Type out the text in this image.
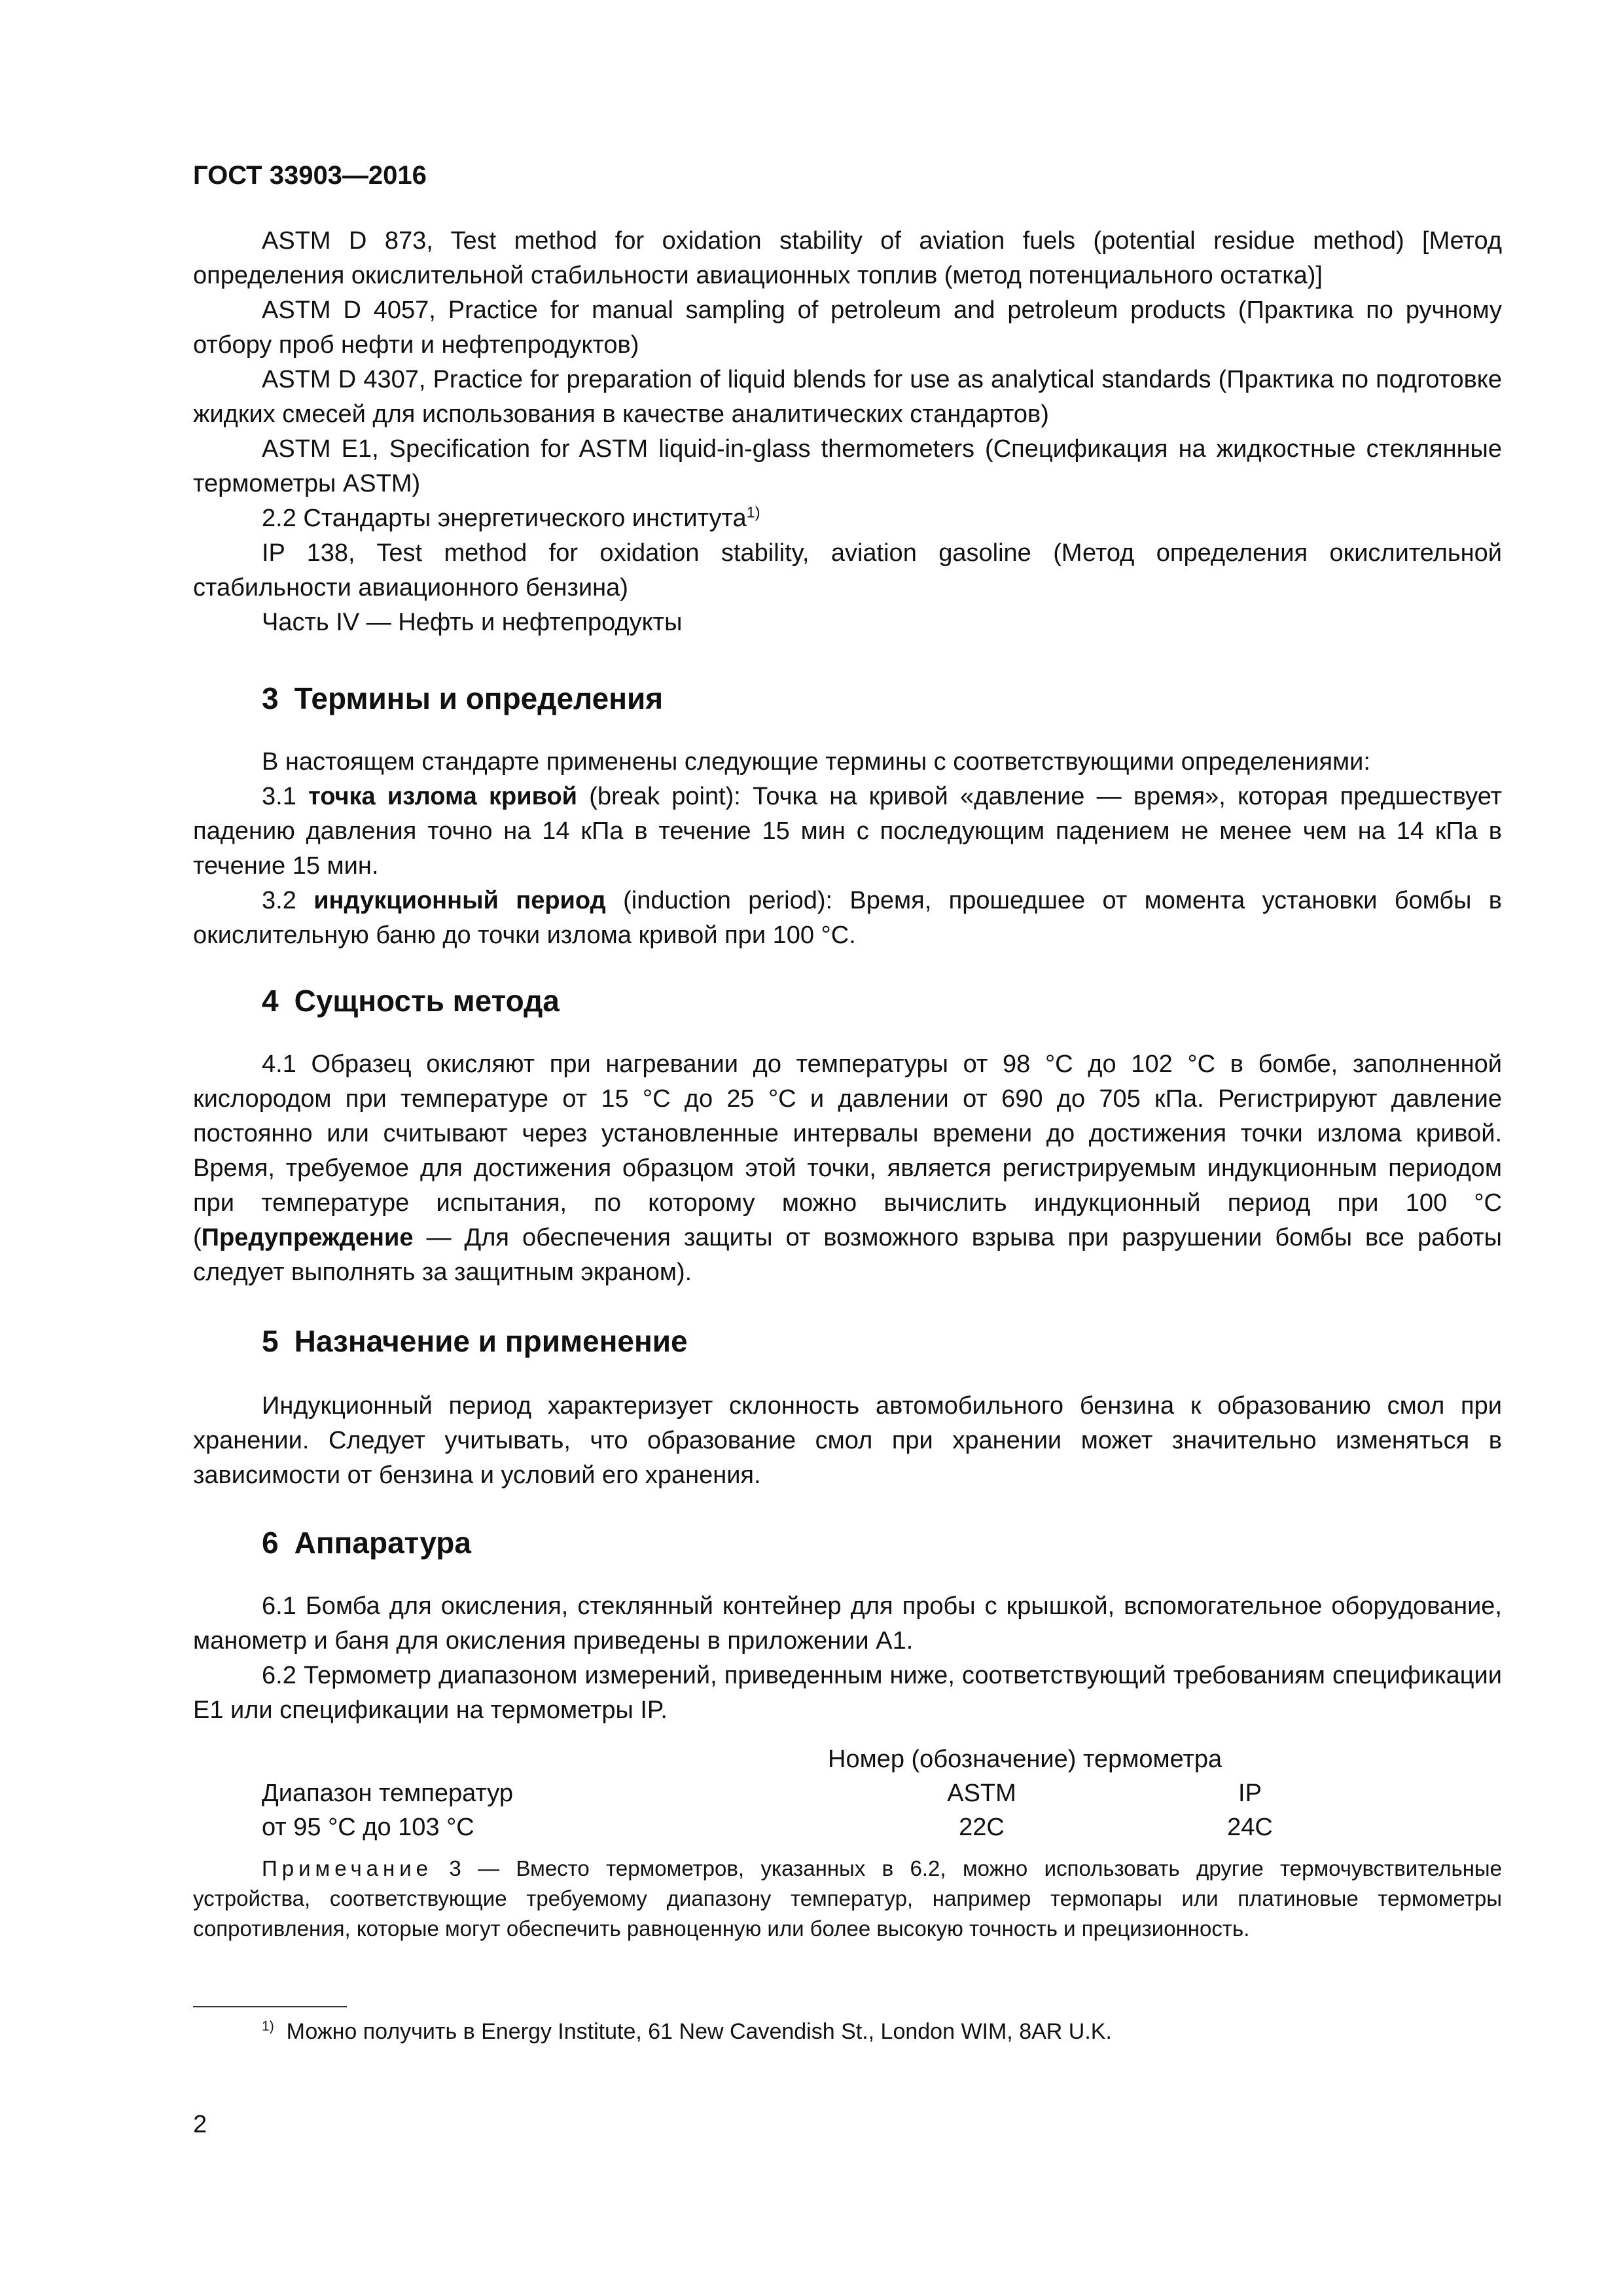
ГОСТ 33903—2016

ASTM D 873, Test method for oxidation stability of aviation fuels (potential residue method) [Метод определения окислительной стабильности авиационных топлив (метод потенциального остатка)]

ASTM D 4057, Practice for manual sampling of petroleum and petroleum products (Практика по ручному отбору проб нефти и нефтепродуктов)

ASTM D 4307, Practice for preparation of liquid blends for use as analytical standards (Практика по подготовке жидких смесей для использования в качестве аналитических стандартов)

ASTM E1, Specification for ASTM liquid-in-glass thermometers (Спецификация на жидкостные стеклянные термометры ASTM)

2.2 Стандарты энергетического института$^{1)}$

IP 138, Test method for oxidation stability, aviation gasoline (Метод определения окислительной стабильности авиационного бензина)

Часть IV — Нефть и нефтепродукты

3 Термины и определения

В настоящем стандарте применены следующие термины с соответствующими определениями:

3.1 точка излома кривой (break point): Точка на кривой «давление — время», которая предшествует падению давления точно на 14 кПа в течение 15 мин с последующим падением не менее чем на 14 кПа в течение 15 мин.

3.2 индукционный период (induction period): Время, прошедшее от момента установки бомбы в окислительную баню до точки излома кривой при 100 °С.

4 Сущность метода

4.1 Образец окисляют при нагревании до температуры от 98 °С до 102 °С в бомбе, заполненной кислородом при температуре от 15 °С до 25 °С и давлении от 690 до 705 кПа. Регистрируют давление постоянно или считывают через установленные интервалы времени до достижения точки излома кривой. Время, требуемое для достижения образцом этой точки, является регистрируемым индукционным периодом при температуре испытания, по которому можно вычислить индукционный период при 100 °С (Предупреждение — Для обеспечения защиты от возможного взрыва при разрушении бомбы все работы следует выполнять за защитным экраном).

5 Назначение и применение

Индукционный период характеризует склонность автомобильного бензина к образованию смол при хранении. Следует учитывать, что образование смол при хранении может значительно изменяться в зависимости от бензина и условий его хранения.

6 Аппаратура

6.1 Бомба для окисления, стеклянный контейнер для пробы с крышкой, вспомогательное оборудование, манометр и баня для окисления приведены в приложении А1.

6.2 Термометр диапазоном измерений, приведенным ниже, соответствующий требованиям спецификации Е1 или спецификации на термометры IP.

Номер (обозначение) термометра
Диапазон температур	ASTM	IP
от 95 °С до 103 °С	22С	24С

Примечание 3 — Вместо термометров, указанных в 6.2, можно использовать другие термочувствительные устройства, соответствующие требуемому диапазону температур, например термопары или платиновые термометры сопротивления, которые могут обеспечить равноценную или более высокую точность и прецизионность.

$^{1)}$ Можно получить в Energy Institute, 61 New Cavendish St., London WIM, 8AR U.K.
2
